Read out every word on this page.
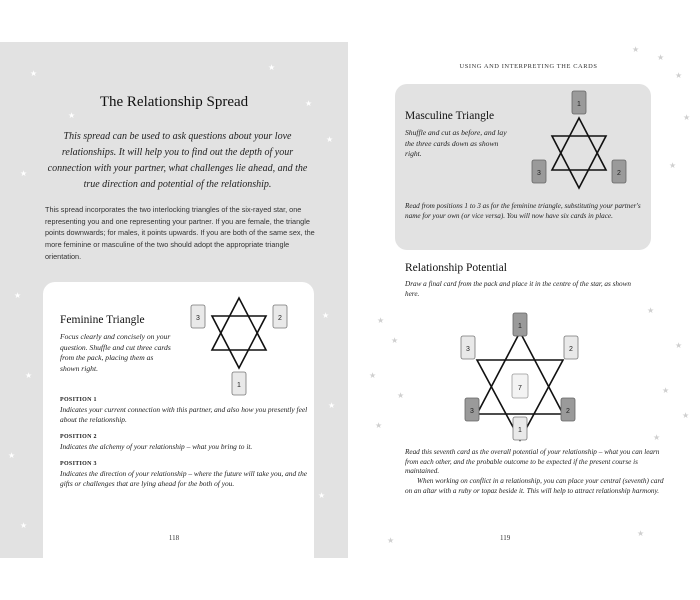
★
★
★
★
★
★
★
★
★
★
★
★
★
The Relationship Spread
This spread can be used to ask questions about your love relationships. It will help you to find out the depth of your connection with your partner, what challenges lie ahead, and the true direction and potential of the relationship.
This spread incorporates the two interlocking triangles of the six-rayed star, one representing you and one representing your partner. If you are female, the triangle points downwards; for males, it points upwards. If you are both of the same sex, the more feminine or masculine of the two should adopt the appropriate triangle orientation.
Feminine Triangle
Focus clearly and concisely on your question. Shuffle and cut three cards from the pack, placing them as shown right.
3	2
1
POSITION 1
Indicates your current connection with this partner, and also how you presently feel about the relationship.
POSITION 2
Indicates the alchemy of your relationship – what you bring to it.
POSITION 3
Indicates the direction of your relationship – where the future will take you, and the gifts or challenges that are lying ahead for the both of you.
118
★
★
★
★
★
★
★
★
★
★
★
★
★
★
★
★
★
USING AND INTERPRETING THE CARDS
Masculine Triangle
Shuffle and cut as before, and lay the three cards down as shown right.
1
3	2
Read from positions 1 to 3 as for the feminine triangle, substituting your partner's name for your own (or vice versa). You will now have six cards in place.
Relationship Potential
Draw a final card from the pack and place it in the centre of the star, as shown here.
1
3	2
7
3	2
1
Read this seventh card as the overall potential of your relationship – what you can learn from each other, and the probable outcome to be expected if the present course is maintained.
When working on conflict in a relationship, you can place your central (seventh) card on an altar with a ruby or topaz beside it. This will help to attract relationship harmony.
119
